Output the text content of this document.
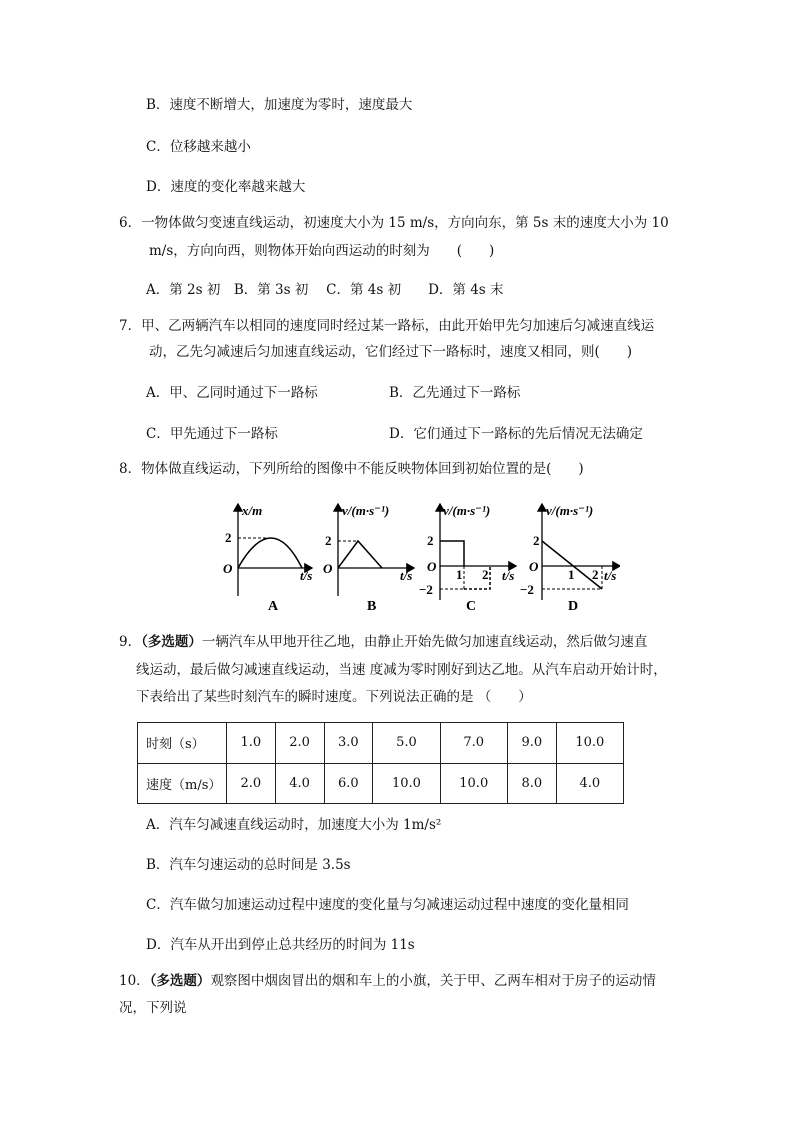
B．速度不断增大，加速度为零时，速度最大
C．位移越来越小
D．速度的变化率越来越大
6．一物体做匀变速直线运动，初速度大小为 15 m/s，方向向东，第 5s 末的速度大小为 10
m/s，方向向西，则物体开始向西运动的时刻为　　(　　)
A．第 2s 初　B．第 3s 初　 C．第 4s 初　　D．第 4s 末
7．甲、乙两辆汽车以相同的速度同时经过某一路标，由此开始甲先匀加速后匀减速直线运
动，乙先匀减速后匀加速直线运动，它们经过下一路标时，速度又相同，则(　　)
A．甲、乙同时通过下一路标	B．乙先通过下一路标
C．甲先通过下一路标	D．它们通过下一路标的先后情况无法确定
8．物体做直线运动，下列所给的图像中不能反映物体回到初始位置的是(　　)
x/m
2
O	t/s
A
v/(m·s⁻¹)
2
O	t/s
B
v/(m·s⁻¹)
2
O
−2
1 2 t/s
C
v/(m·s⁻¹)
2
O
−2
1 2 t/s
D
9．（多选题）一辆汽车从甲地开往乙地，由静止开始先做匀加速直线运动，然后做匀速直
线运动，最后做匀减速直线运动，当速 度减为零时刚好到达乙地。从汽车启动开始计时，
下表给出了某些时刻汽车的瞬时速度。下列说法正确的是 （　　）
时刻（s）	1.0	2.0	3.0	5.0	7.0	9.0	10.0
速度（m/s）	2.0	4.0	6.0	10.0	10.0	8.0	4.0
A．汽车匀减速直线运动时，加速度大小为 1m/s²
B．汽车匀速运动的总时间是 3.5s
C．汽车做匀加速运动过程中速度的变化量与匀减速运动过程中速度的变化量相同
D．汽车从开出到停止总共经历的时间为 11s
10．（多选题）观察图中烟囱冒出的烟和车上的小旗，关于甲、乙两车相对于房子的运动情
况，下列说
